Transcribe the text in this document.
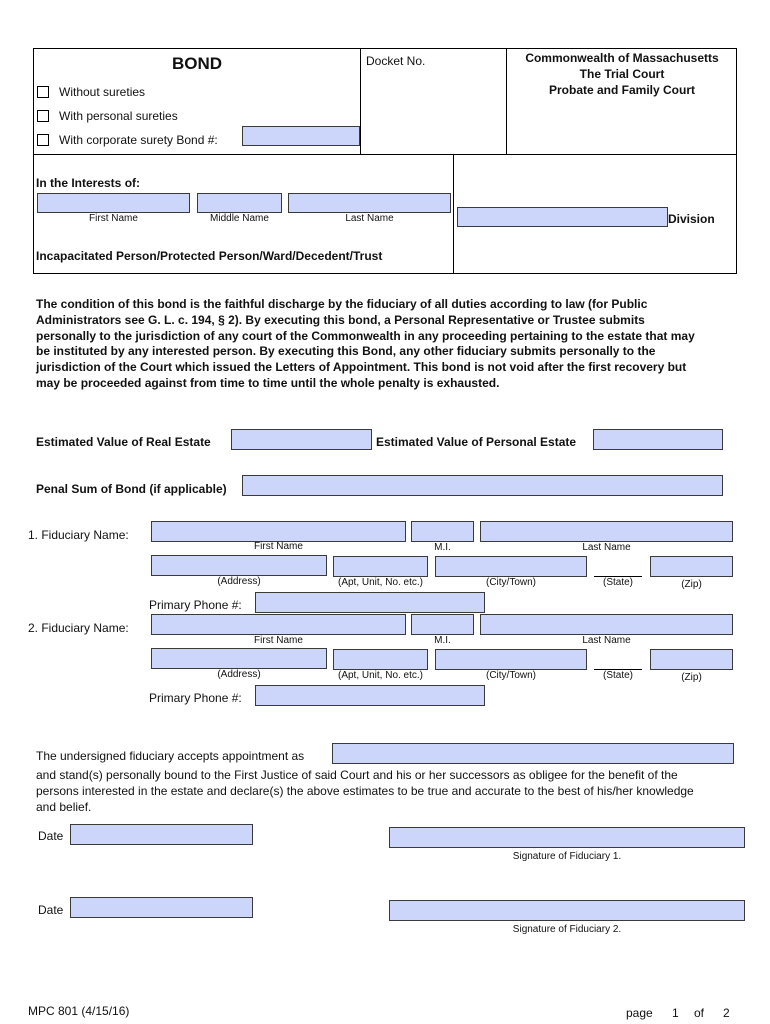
BOND
Without sureties
With personal sureties
With corporate surety Bond #:
Docket No.	Commonwealth of Massachusetts
The Trial Court
Probate and Family Court
In the Interests of:
First Name	Middle Name	Last Name
Incapacitated Person/Protected Person/Ward/Decedent/Trust
Division
The condition of this bond is the faithful discharge by the fiduciary of all duties according to law (for Public
Administrators see G. L. c. 194, § 2). By executing this bond, a Personal Representative or Trustee submits
personally to the jurisdiction of any court of the Commonwealth in any proceeding pertaining to the estate that may
be instituted by any interested person. By executing this Bond, any other fiduciary submits personally to the
jurisdiction of the Court which issued the Letters of Appointment. This bond is not void after the first recovery but
may be proceeded against from time to time until the whole penalty is exhausted.
Estimated Value of Real Estate	Estimated Value of Personal Estate
Penal Sum of Bond (if applicable)
1. Fiduciary Name:
First Name	M.I.	Last Name
(Address)	(Apt, Unit, No. etc.)	(City/Town)	(State)	(Zip)
Primary Phone #:
2. Fiduciary Name:
First Name	M.I.	Last Name
(Address)	(Apt, Unit, No. etc.)	(City/Town)	(State)	(Zip)
Primary Phone #:
The undersigned fiduciary accepts appointment as
and stand(s) personally bound to the First Justice of said Court and his or her successors as obligee for the benefit of the
persons interested in the estate and declare(s) the above estimates to be true and accurate to the best of his/her knowledge
and belief.
Date
Signature of Fiduciary 1.
Date
Signature of Fiduciary 2.
MPC 801 (4/15/16)	page 1 of 2
